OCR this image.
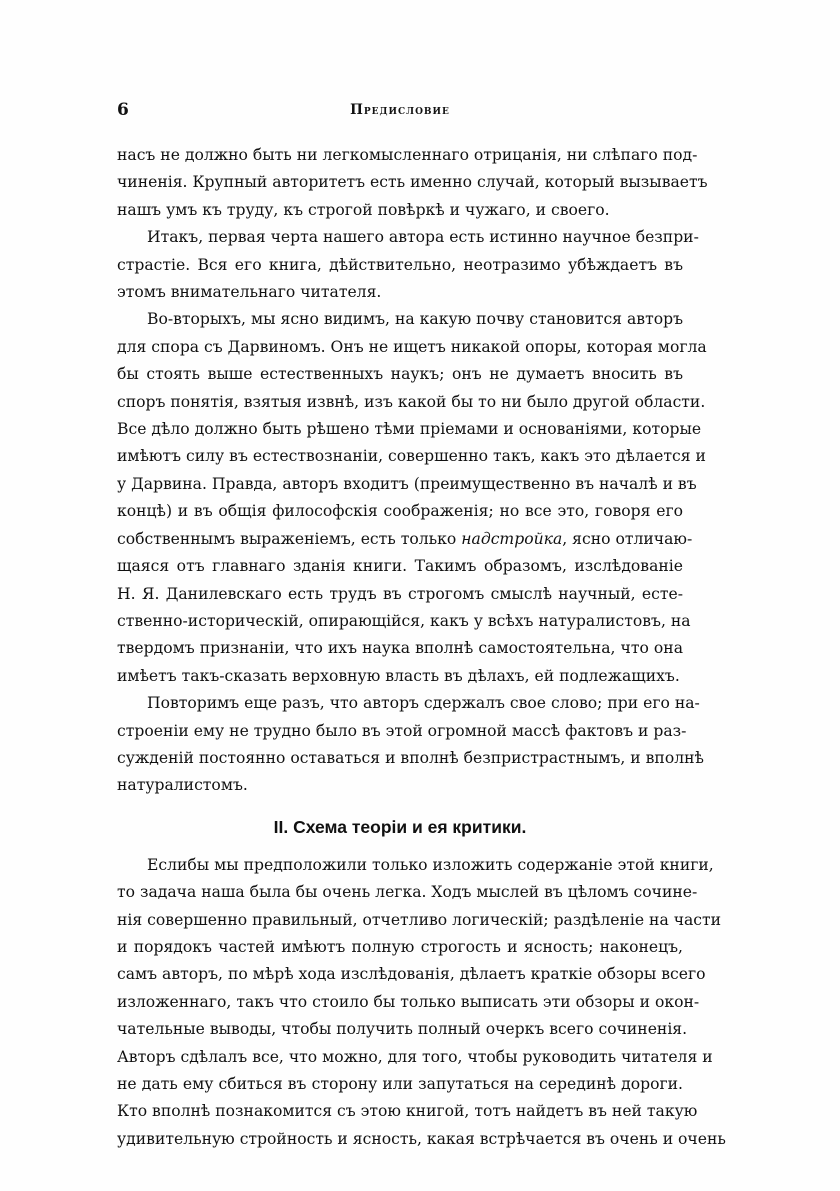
6	Предисловие
насъ не должно быть ни легкомысленнаго отрицанія, ни слѣпаго под-
чиненія. Крупный авторитетъ есть именно случай, который вызываетъ
нашъ умъ къ труду, къ строгой повѣркѣ и чужаго, и своего.
Итакъ, первая черта нашего автора есть истинно научное безпри-
страстіе. Вся его книга, дѣйствительно, неотразимо убѣждаетъ въ
этомъ внимательнаго читателя.
Во-вторыхъ, мы ясно видимъ, на какую почву становится авторъ
для спора съ Дарвиномъ. Онъ не ищетъ никакой опоры, которая могла
бы стоять выше естественныхъ наукъ; онъ не думаетъ вносить въ
споръ понятія, взятыя извнѣ, изъ какой бы то ни было другой области.
Все дѣло должно быть рѣшено тѣми пріемами и основаніями, которые
имѣютъ силу въ естествознаніи, совершенно такъ, какъ это дѣлается и
у Дарвина. Правда, авторъ входитъ (преимущественно въ началѣ и въ
концѣ) и въ общія философскія соображенія; но все это, говоря его
собственнымъ выраженіемъ, есть только надстройка, ясно отличаю-
щаяся отъ главнаго зданія книги. Такимъ образомъ, изслѣдованіе
Н. Я. Данилевскаго есть трудъ въ строгомъ смыслѣ научный, есте-
ственно-историческій, опирающійся, какъ у всѣхъ натуралистовъ, на
твердомъ признаніи, что ихъ наука вполнѣ самостоятельна, что она
имѣетъ такъ-сказать верховную власть въ дѣлахъ, ей подлежащихъ.
Повторимъ еще разъ, что авторъ сдержалъ свое слово; при его на-
строеніи ему не трудно было въ этой огромной массѣ фактовъ и раз-
сужденій постоянно оставаться и вполнѣ безпристрастнымъ, и вполнѣ
натуралистомъ.
II. Схема теоріи и ея критики.
Еслибы мы предположили только изложить содержаніе этой книги,
то задача наша была бы очень легка. Ходъ мыслей въ цѣломъ сочине-
нія совершенно правильный, отчетливо логическій; раздѣленіе на части
и порядокъ частей имѣютъ полную строгость и ясность; наконецъ,
самъ авторъ, по мѣрѣ хода изслѣдованія, дѣлаетъ краткіе обзоры всего
изложеннаго, такъ что стоило бы только выписать эти обзоры и окон-
чательные выводы, чтобы получить полный очеркъ всего сочиненія.
Авторъ сдѣлалъ все, что можно, для того, чтобы руководить читателя и
не дать ему сбиться въ сторону или запутаться на серединѣ дороги.
Кто вполнѣ познакомится съ этою книгой, тотъ найдетъ въ ней такую
удивительную стройность и ясность, какая встрѣчается въ очень и очень
